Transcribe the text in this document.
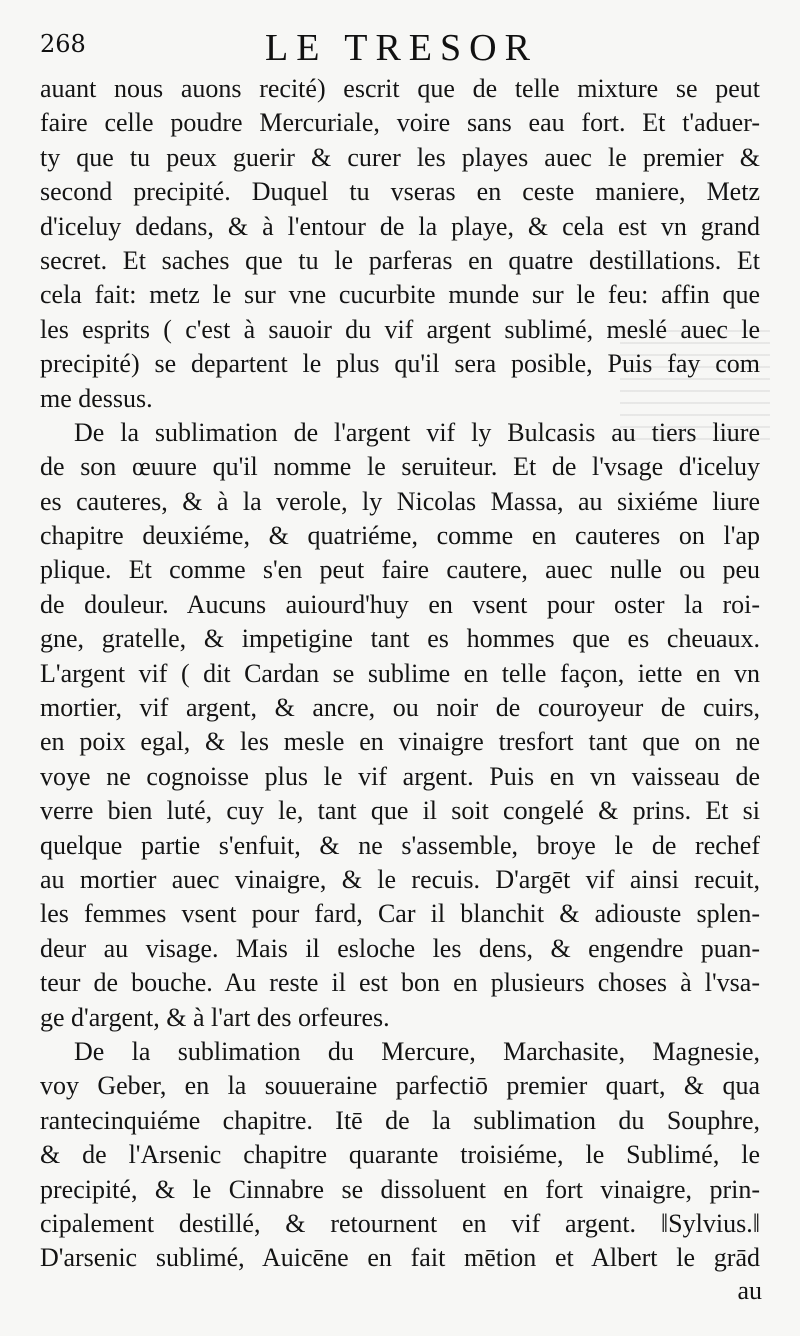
268	LE TRESOR
auant nous auons recité) escrit que de telle mixture se peut
faire celle poudre Mercuriale, voire sans eau fort. Et t'aduer-
ty que tu peux guerir & curer les playes auec le premier &
second precipité. Duquel tu vseras en ceste maniere, Metz
d'iceluy dedans, & à l'entour de la playe, & cela est vn grand
secret. Et saches que tu le parferas en quatre destillations. Et
cela fait: metz le sur vne cucurbite munde sur le feu: affin que
les esprits ( c'est à sauoir du vif argent sublimé, meslé auec le
precipité) se departent le plus qu'il sera posible, Puis fay com
me dessus.
De la sublimation de l'argent vif ly Bulcasis au tiers liure
de son œuure qu'il nomme le seruiteur. Et de l'vsage d'iceluy
es cauteres, & à la verole, ly Nicolas Massa, au sixiéme liure
chapitre deuxiéme, & quatriéme, comme en cauteres on l'ap
plique. Et comme s'en peut faire cautere, auec nulle ou peu
de douleur. Aucuns auiourd'huy en vsent pour oster la roi-
gne, gratelle, & impetigine tant es hommes que es cheuaux.
L'argent vif ( dit Cardan se sublime en telle façon, iette en vn
mortier, vif argent, & ancre, ou noir de couroyeur de cuirs,
en poix egal, & les mesle en vinaigre tresfort tant que on ne
voye ne cognoisse plus le vif argent. Puis en vn vaisseau de
verre bien luté, cuy le, tant que il soit congelé & prins. Et si
quelque partie s'enfuit, & ne s'assemble, broye le de rechef
au mortier auec vinaigre, & le recuis. D'argēt vif ainsi recuit,
les femmes vsent pour fard, Car il blanchit & adiouste splen-
deur au visage. Mais il esloche les dens, & engendre puan-
teur de bouche. Au reste il est bon en plusieurs choses à l'vsa-
ge d'argent, & à l'art des orfeures.
De la sublimation du Mercure, Marchasite, Magnesie,
voy Geber, en la souueraine parfectiō premier quart, & qua
rantecinquiéme chapitre. Itē de la sublimation du Souphre,
& de l'Arsenic chapitre quarante troisiéme, le Sublimé, le
precipité, & le Cinnabre se dissoluent en fort vinaigre, prin-
cipalement destillé, & retournent en vif argent. ‖Sylvius.‖
D'arsenic sublimé, Auicēne en fait mētion et Albert le grād
au
